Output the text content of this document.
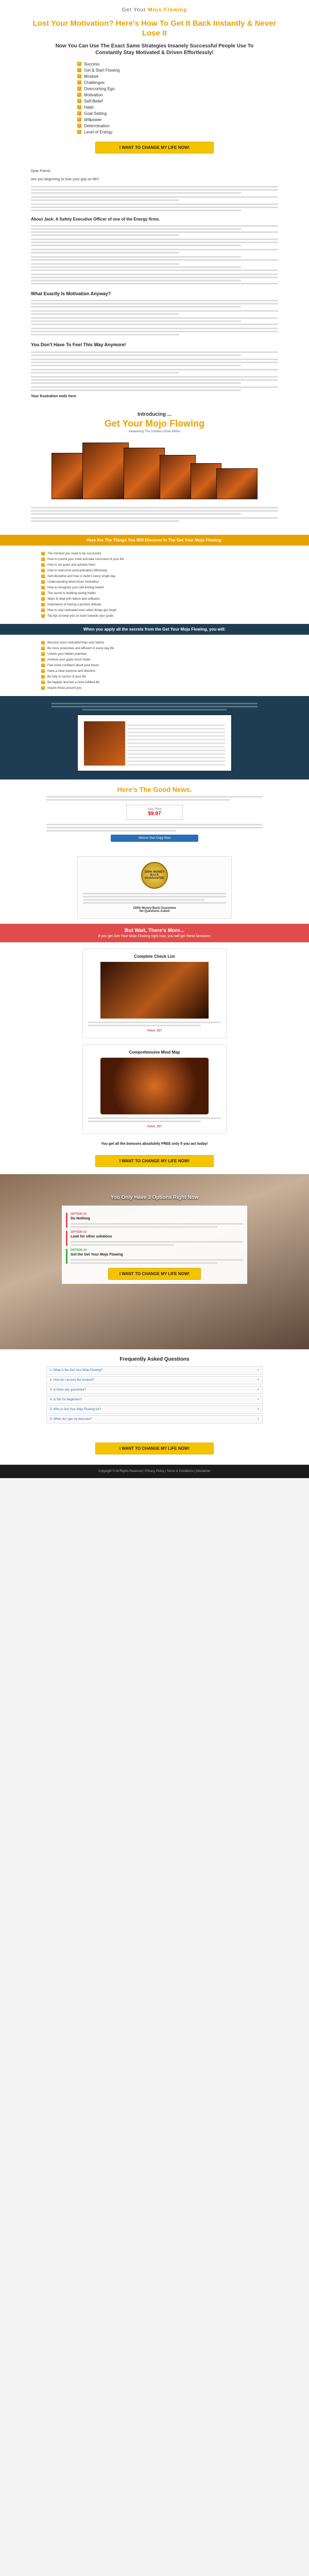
Get Your Mojo Flowing
Lost Your Motivation? Here's How To Get It Back Instantly & Never Lose It
Now You Can Use The Exact Same Strategies Insanely Successful People Use To Constantly Stay Motivated & Driven Effortlessly!
✓ Success
✓ Get & Start Flowing
✓ Mindset
✓ Challenges
✓ Overcoming Ego
✓ Motivation
✓ Self-Belief
✓ Habit
✓ Goal Setting
✓ Willpower
✓ Determination
✓ Level of Energy
I WANT TO CHANGE MY LIFE NOW!

Dear Friend,

Are you beginning to lose your grip on life?

About Jack: A Safety Executive Officer of one of the Energy firms.
What Exactly Is Motivation Anyway?
You Don't Have To Feel This Way Anymore!

Your frustration ends here.

Introducing ...
Get Your Mojo Flowing
Awakening The Limitless Drive Within
Here Are The Things You Will Discover In The Get Your Mojo Flowing:
✓ The mindset you need to be successful
✓ How to control your mind and take command of your life
✓ How to set goals and achieve them
✓ How to overcome procrastination effectively
✓ Self-discipline and how to build it every single day
✓ Understanding what drives motivation
✓ How to recognize your self-limiting beliefs
✓ The secret to building lasting habits
✓ Ways to deal with failure and setbacks
✓ Importance of having a positive attitude
✓ How to stay motivated even when things get tough
✓ Top tips to keep you on track towards your goals
When you apply all the secrets from the Get Your Mojo Flowing, you will:
✓ Become more motivated than ever before
✓ Be more productive and efficient in every day life
✓ Unlock your hidden potential
✓ Achieve your goals much faster
✓ Feel more confident about your future
✓ Have a clear purpose and direction
✓ Be fully in control of your life
✓ Be happier and live a more fulfilled life
✓ Inspire those around you
Here's The Good News.
Your Price
$9.97
Secure Your Copy Now
100% MONEY BACK GUARANTEE
100% Money-Back Guarantee
No Questions Asked
But Wait, There's More...
If you get Get Your Mojo Flowing right now, you will get these bonuses:
Complete Check List
Value: $27
Comprehensive Mind Map
Value: $27
You get all the bonuses absolutely FREE only if you act today!
I WANT TO CHANGE MY LIFE NOW!
You Only Have 3 Options Right Now
OPTION #1
Do Nothing
OPTION #2
Look for other solutions
OPTION #3
Get the Get Your Mojo Flowing
I WANT TO CHANGE MY LIFE NOW!
Frequently Asked Questions
1. What is the Get Your Mojo Flowing?	+
2. How do I access the product?	+
3. Is there any guarantee?	+
4. Is this for beginners?	+
5. Who is Get Your Mojo Flowing for?	+
6. When do I get my bonuses?	+
I WANT TO CHANGE MY LIFE NOW!
Copyright © All Rights Reserved | Privacy Policy | Terms & Conditions | Disclaimer
